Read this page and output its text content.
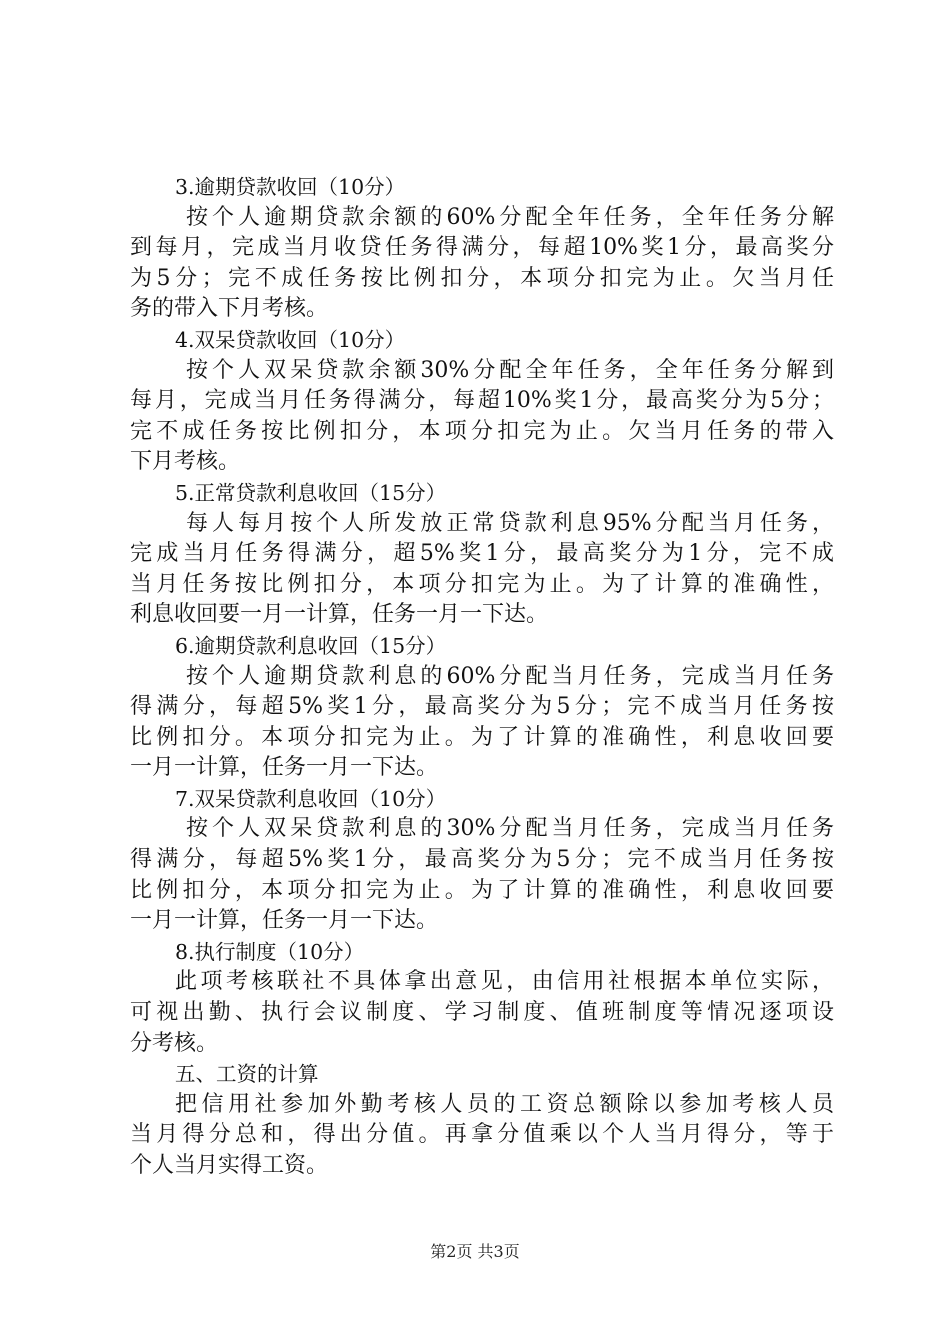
3.逾期贷款收回（10分）

按个人逾期贷款余额的60%分配全年任务，全年任务分解
到每月，完成当月收贷任务得满分，每超10%奖1分，最高奖分
为5分；完不成任务按比例扣分，本项分扣完为止。欠当月任
务的带入下月考核。

4.双呆贷款收回（10分）

按个人双呆贷款余额30%分配全年任务，全年任务分解到
每月，完成当月任务得满分，每超10%奖1分，最高奖分为5分；
完不成任务按比例扣分，本项分扣完为止。欠当月任务的带入
下月考核。

5.正常贷款利息收回（15分）

每人每月按个人所发放正常贷款利息95%分配当月任务，
完成当月任务得满分，超5%奖1分，最高奖分为1分，完不成
当月任务按比例扣分，本项分扣完为止。为了计算的准确性，
利息收回要一月一计算，任务一月一下达。

6.逾期贷款利息收回（15分）

按个人逾期贷款利息的60%分配当月任务，完成当月任务
得满分，每超5%奖1分，最高奖分为5分；完不成当月任务按
比例扣分。本项分扣完为止。为了计算的准确性，利息收回要
一月一计算，任务一月一下达。

7.双呆贷款利息收回（10分）

按个人双呆贷款利息的30%分配当月任务，完成当月任务
得满分，每超5%奖1分，最高奖分为5分；完不成当月任务按
比例扣分，本项分扣完为止。为了计算的准确性，利息收回要
一月一计算，任务一月一下达。

8.执行制度（10分）

此项考核联社不具体拿出意见，由信用社根据本单位实际，
可视出勤、执行会议制度、学习制度、值班制度等情况逐项设
分考核。

五、工资的计算

把信用社参加外勤考核人员的工资总额除以参加考核人员
当月得分总和，得出分值。再拿分值乘以个人当月得分，等于
个人当月实得工资。

第2页 共3页
